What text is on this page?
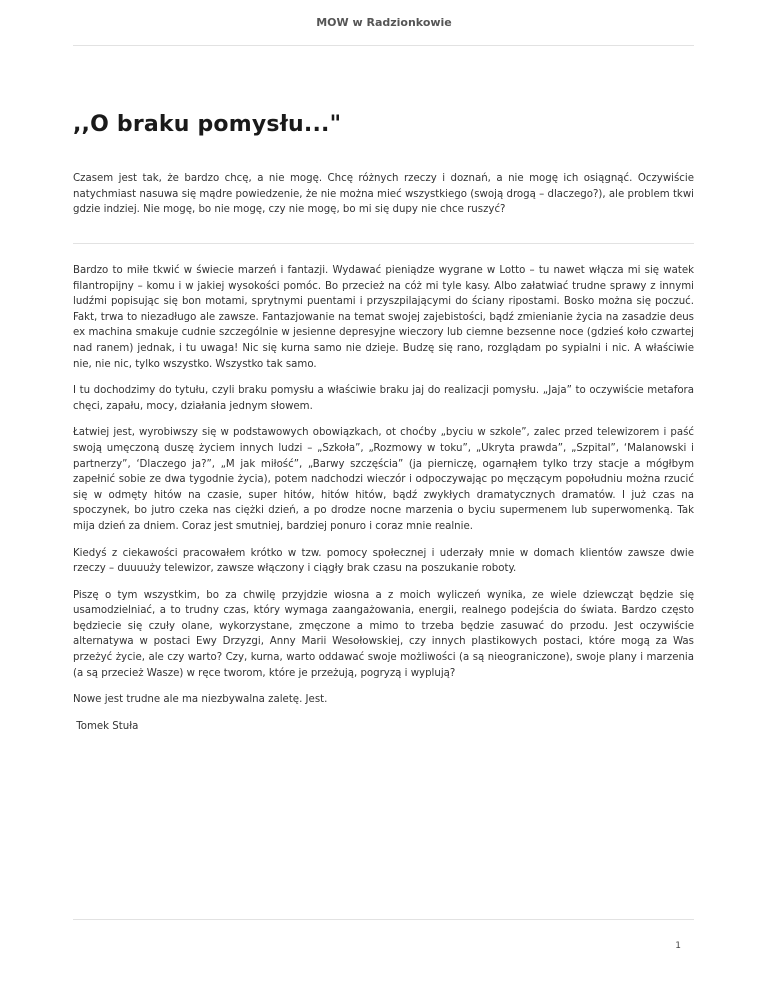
MOW w Radzionkowie
,,O braku pomysłu..."

Czasem jest tak, że bardzo chcę, a nie mogę. Chcę różnych rzeczy i doznań, a nie mogę ich osiągnąć. Oczywiście natychmiast nasuwa się mądre powiedzenie, że nie można mieć wszystkiego (swoją drogą – dlaczego?), ale problem tkwi gdzie indziej. Nie mogę, bo nie mogę, czy nie mogę, bo mi się dupy nie chce ruszyć?

Bardzo to miłe tkwić w świecie marzeń i fantazji. Wydawać pieniądze wygrane w Lotto – tu nawet włącza mi się watek filantropijny – komu i w jakiej wysokości pomóc. Bo przecież na cóż mi tyle kasy. Albo załatwiać trudne sprawy z innymi ludźmi popisując się bon motami, sprytnymi puentami i przyszpilającymi do ściany ripostami. Bosko można się poczuć. Fakt, trwa to niezadługo ale zawsze. Fantazjowanie na temat swojej zajebistości, bądź zmienianie życia na zasadzie deus ex machina smakuje cudnie szczególnie w jesienne depresyjne wieczory lub ciemne bezsenne noce (gdzieś koło czwartej nad ranem) jednak, i tu uwaga! Nic się kurna samo nie dzieje. Budzę się rano, rozglądam po sypialni i nic. A właściwie nie, nie nic, tylko wszystko. Wszystko tak samo.

I tu dochodzimy do tytułu, czyli braku pomysłu a właściwie braku jaj do realizacji pomysłu. „Jaja” to oczywiście metafora chęci, zapału, mocy, działania jednym słowem.

Łatwiej jest, wyrobiwszy się w podstawowych obowiązkach, ot choćby „byciu w szkole”, zalec przed telewizorem i paść swoją umęczoną duszę życiem innych ludzi – „Szkoła”, „Rozmowy w toku”, „Ukryta prawda”, „Szpital”, ‘Malanowski i partnerzy”, ‘Dlaczego ja?”, „M jak miłość”, „Barwy szczęścia” (ja pierniczę, ogarnąłem tylko trzy stacje a mógłbym zapełnić sobie ze dwa tygodnie życia), potem nadchodzi wieczór i odpoczywając po męczącym popołudniu można rzucić się w odmęty hitów na czasie, super hitów, hitów hitów, bądź zwykłych dramatycznych dramatów. I już czas na spoczynek, bo jutro czeka nas ciężki dzień, a po drodze nocne marzenia o byciu supermenem lub superwomenką. Tak mija dzień za dniem. Coraz jest smutniej, bardziej ponuro i coraz mnie realnie.

Kiedyś z ciekawości pracowałem krótko w tzw. pomocy społecznej i uderzały mnie w domach klientów zawsze dwie rzeczy – duuuuży telewizor, zawsze włączony i ciągły brak czasu na poszukanie roboty.

Piszę o tym wszystkim, bo za chwilę przyjdzie wiosna a z moich wyliczeń wynika, ze wiele dziewcząt będzie się usamodzielniać, a to trudny czas, który wymaga zaangażowania, energii, realnego podejścia do świata. Bardzo często będziecie się czuły olane, wykorzystane, zmęczone a mimo to trzeba będzie zasuwać do przodu. Jest oczywiście alternatywa w postaci Ewy Drzyzgi, Anny Marii Wesołowskiej, czy innych plastikowych postaci, które mogą za Was przeżyć życie, ale czy warto? Czy, kurna, warto oddawać swoje możliwości (a są nieograniczone), swoje plany i marzenia (a są przecież Wasze) w ręce tworom, które je przeżują, pogryzą i wyplują?

Nowe jest trudne ale ma niezbywalna zaletę. Jest.

Tomek Stuła

1
